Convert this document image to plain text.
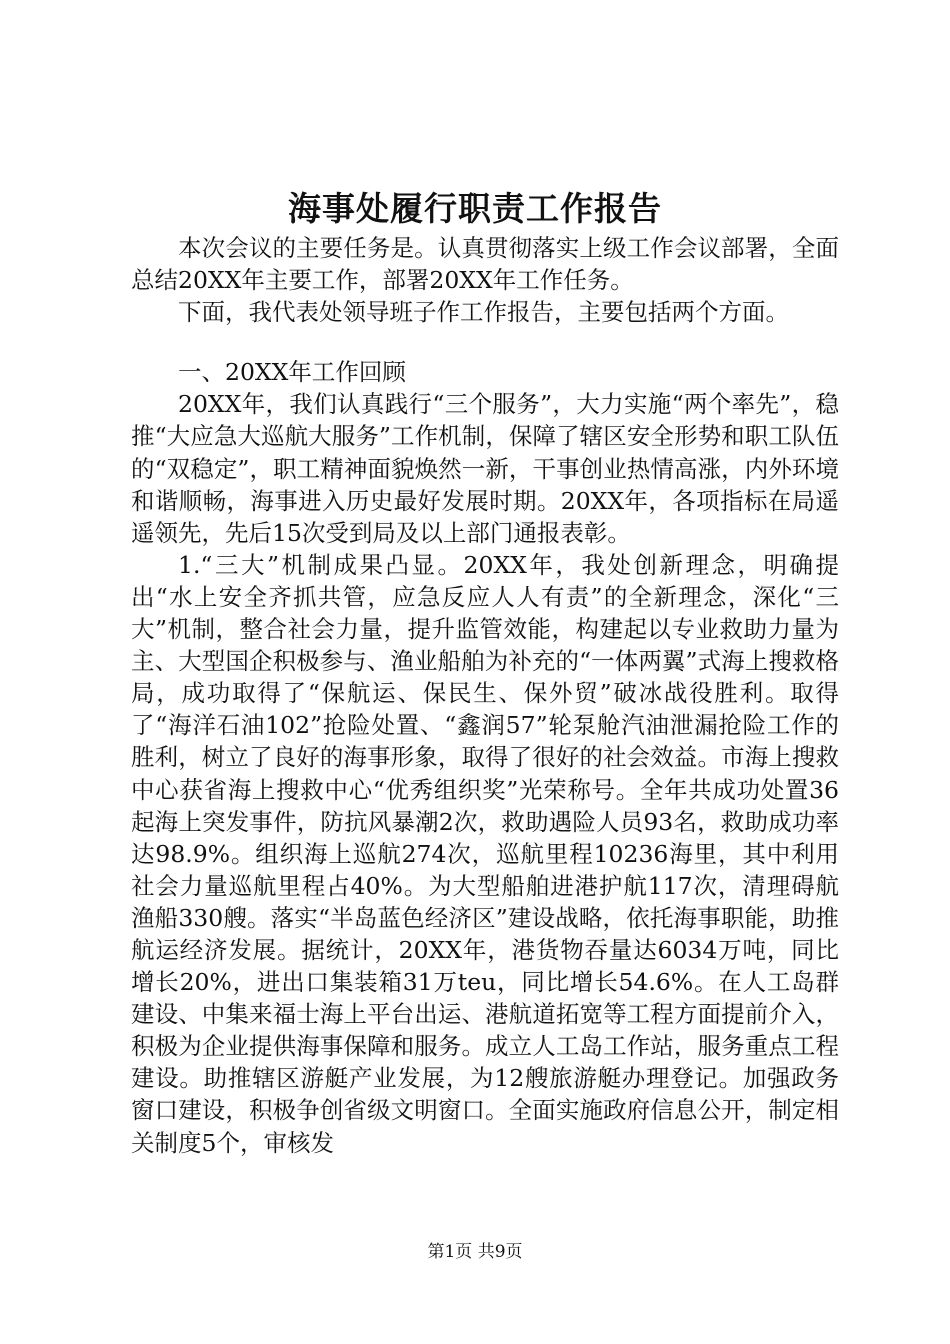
海事处履行职责工作报告

本次会议的主要任务是。认真贯彻落实上级工作会议部署，全面总结20XX年主要工作，部署20XX年工作任务。

下面，我代表处领导班子作工作报告，主要包括两个方面。

一、20XX年工作回顾

20XX年，我们认真践行“三个服务”，大力实施“两个率先”，稳推“大应急大巡航大服务”工作机制，保障了辖区安全形势和职工队伍的“双稳定”，职工精神面貌焕然一新，干事创业热情高涨，内外环境和谐顺畅，海事进入历史最好发展时期。20XX年，各项指标在局遥遥领先，先后15次受到局及以上部门通报表彰。

1.“三大”机制成果凸显。20XX年，我处创新理念，明确提出“水上安全齐抓共管，应急反应人人有责”的全新理念，深化“三大”机制，整合社会力量，提升监管效能，构建起以专业救助力量为主、大型国企积极参与、渔业船舶为补充的“一体两翼”式海上搜救格局，成功取得了“保航运、保民生、保外贸”破冰战役胜利。取得了“海洋石油102”抢险处置、“鑫润57”轮泵舱汽油泄漏抢险工作的胜利，树立了良好的海事形象，取得了很好的社会效益。市海上搜救中心获省海上搜救中心“优秀组织奖”光荣称号。全年共成功处置36起海上突发事件，防抗风暴潮2次，救助遇险人员93名，救助成功率达98.9%。组织海上巡航274次，巡航里程10236海里，其中利用社会力量巡航里程占40%。为大型船舶进港护航117次，清理碍航渔船330艘。落实“半岛蓝色经济区”建设战略，依托海事职能，助推航运经济发展。据统计，20XX年，港货物吞量达6034万吨，同比增长20%，进出口集装箱31万teu，同比增长54.6%。在人工岛群建设、中集来福士海上平台出运、港航道拓宽等工程方面提前介入，积极为企业提供海事保障和服务。成立人工岛工作站，服务重点工程建设。助推辖区游艇产业发展，为12艘旅游艇办理登记。加强政务窗口建设，积极争创省级文明窗口。全面实施政府信息公开，制定相关制度5个，审核发

第1页 共9页
